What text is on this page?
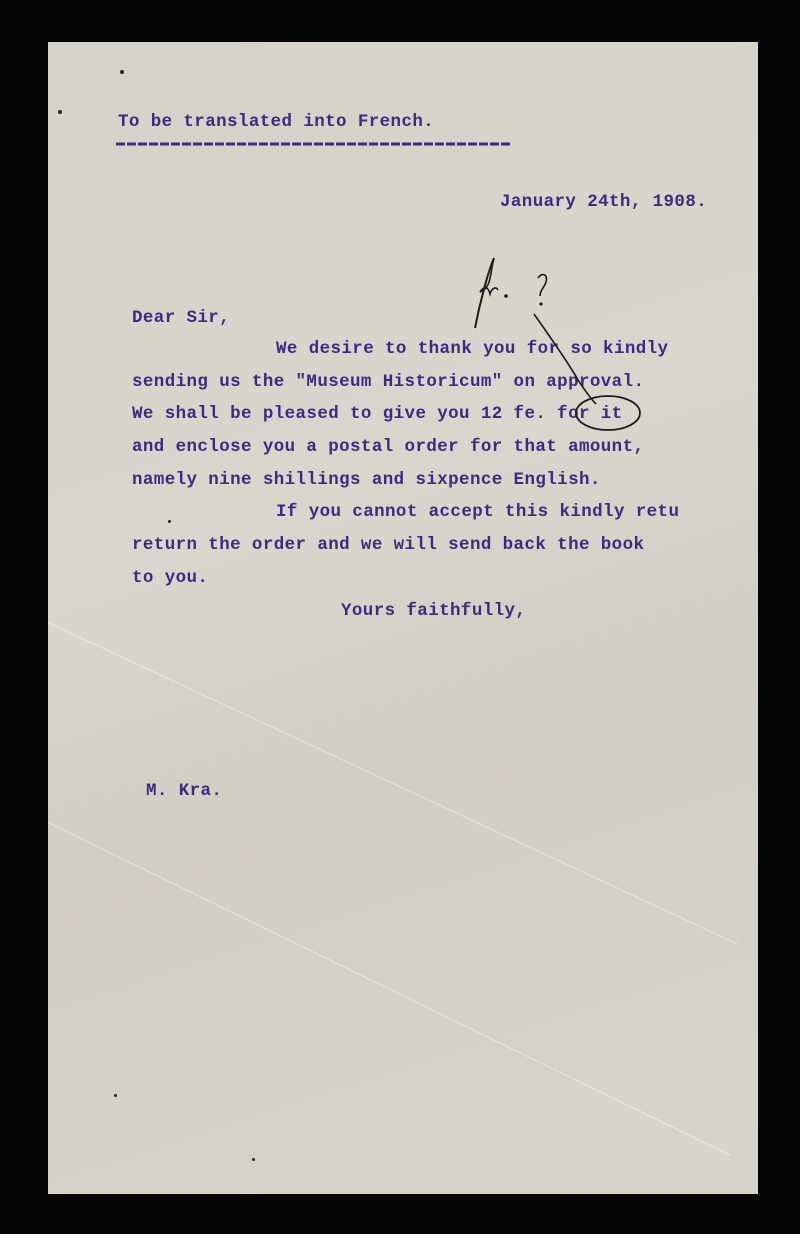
To be translated into French.
January 24th, 1908.
Dear Sir,
We desire to thank you for so kindly
sending us the "Museum Historicum" on approval.
We shall be pleased to give you 12 fe. for it
and enclose you a postal order for that amount,
namely nine shillings and sixpence English.
If you cannot accept this kindly retu
return the order and we will send back the book
to you.
Yours faithfully,
M. Kra.
